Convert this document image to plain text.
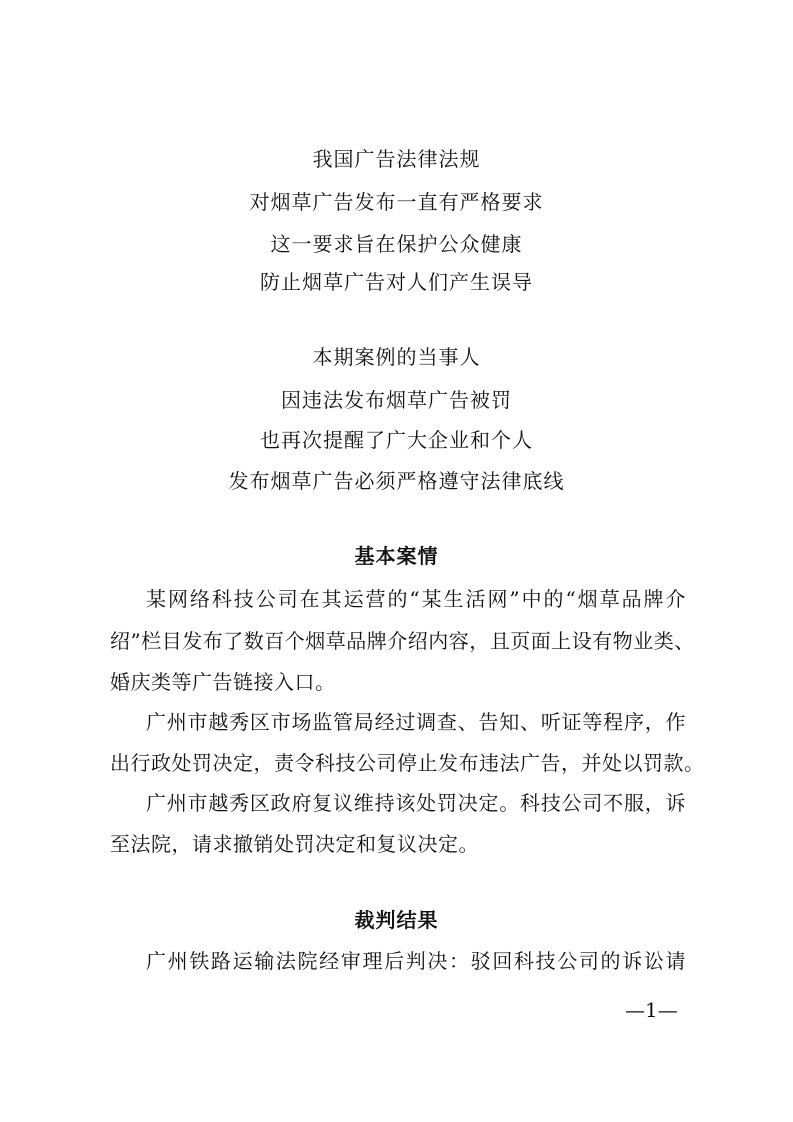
我国广告法律法规
对烟草广告发布一直有严格要求
这一要求旨在保护公众健康
防止烟草广告对人们产生误导
本期案例的当事人
因违法发布烟草广告被罚
也再次提醒了广大企业和个人
发布烟草广告必须严格遵守法律底线
基本案情
某网络科技公司在其运营的“某生活网”中的“烟草品牌介
绍”栏目发布了数百个烟草品牌介绍内容，且页面上设有物业类、
婚庆类等广告链接入口。
广州市越秀区市场监管局经过调查、告知、听证等程序，作
出行政处罚决定，责令科技公司停止发布违法广告，并处以罚款。
广州市越秀区政府复议维持该处罚决定。科技公司不服，诉
至法院，请求撤销处罚决定和复议决定。
裁判结果
广州铁路运输法院经审理后判决：驳回科技公司的诉讼请
—1—
